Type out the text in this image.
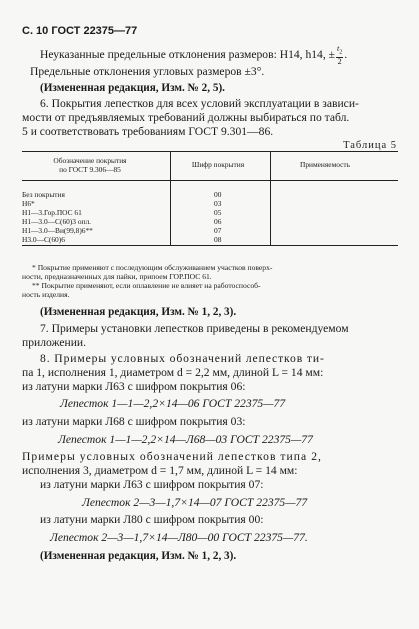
С. 10 ГОСТ 22375—77
Неуказанные предельные отклонения размеров: Н14, h14, ± $\frac{t_2}{2}$ .
Предельные отклонения угловых размеров ±3°.
(Измененная редакция, Изм. № 2, 5).
6. Покрытия лепестков для всех условий эксплуатации в зависи-
мости от предъявляемых требований должны выбираться по табл.
5 и соответствовать требованиям ГОСТ 9.301—86.
Таблица 5
Обозначение покрытия
по ГОСТ 9.306—85
Шифр покрытия	Применяемость
Без покрытия	00
Н6*	03
Н1—3.Гор.ПОС 61	05
Н1—3.0—С(60)3 опл.	06
Н1—3.0—Ви(99,8)6**	07
Н3.0—С(60)6	08
* Покрытие применяют с последующим обслуживанием участков поверх-
ности, предназначенных для пайки, припоем ГОР.ПОС 61.
** Покрытие применяют, если оплавление не влияет на работоспособ-
ность изделия.
(Измененная редакция, Изм. № 1, 2, 3).
7. Примеры установки лепестков приведены в рекомендуемом
приложении.
8. Примеры условных обозначений лепестков ти-
па 1, исполнения 1, диаметром d = 2,2 мм, длиной L = 14 мм:
из латуни марки Л63 с шифром покрытия 06:
Лепесток 1—1—2,2×14—06 ГОСТ 22375—77
из латуни марки Л68 с шифром покрытия 03:
Лепесток 1—1—2,2×14—Л68—03 ГОСТ 22375—77
Примеры условных обозначений лепестков типа 2,
исполнения 3, диаметром d = 1,7 мм, длиной L = 14 мм:
из латуни марки Л63 с шифром покрытия 07:
Лепесток 2—3—1,7×14—07 ГОСТ 22375—77
из латуни марки Л80 с шифром покрытия 00:
Лепесток 2—3—1,7×14—Л80—00 ГОСТ 22375—77.
(Измененная редакция, Изм. № 1, 2, 3).
